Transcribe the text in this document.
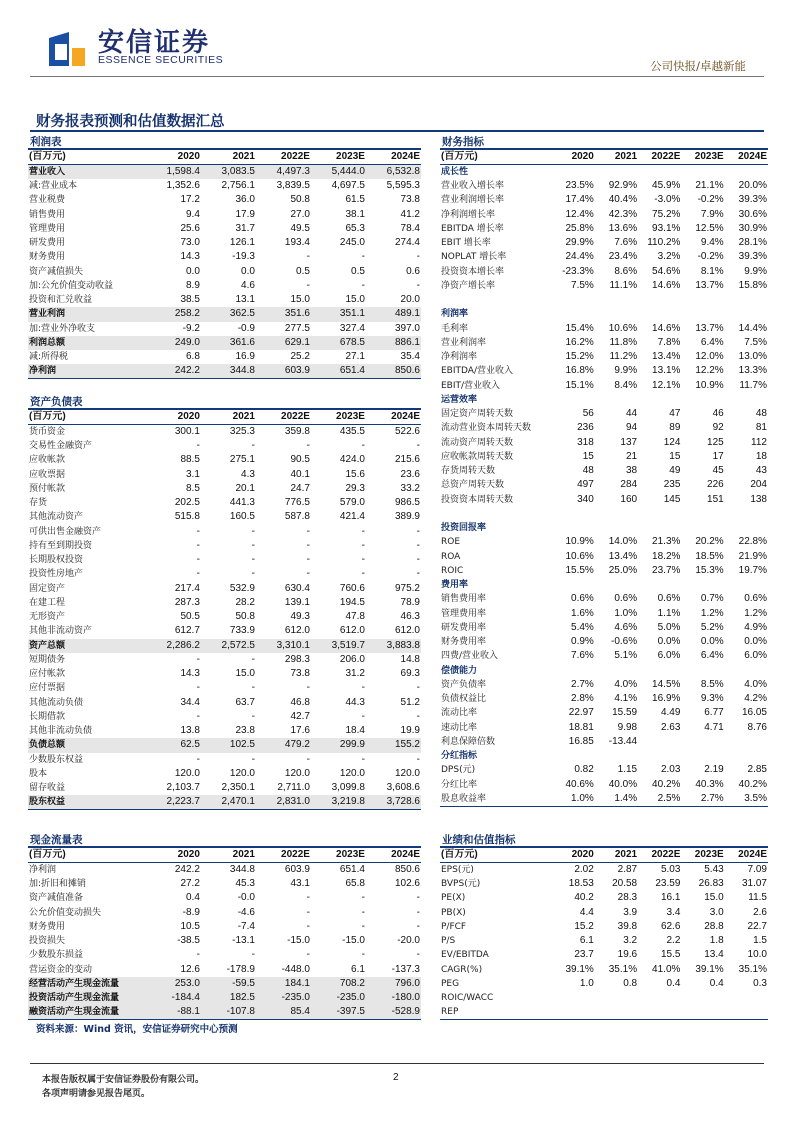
安信证券
ESSENCE SECURITIES	公司快报/卓越新能
财务报表预测和估值数据汇总
利润表
(百万元)	2020	2021	2022E	2023E	2024E
营业收入	1,598.4	3,083.5	4,497.3	5,444.0	6,532.8
减:营业成本	1,352.6	2,756.1	3,839.5	4,697.5	5,595.3
营业税费	17.2	36.0	50.8	61.5	73.8
销售费用	9.4	17.9	27.0	38.1	41.2
管理费用	25.6	31.7	49.5	65.3	78.4
研发费用	73.0	126.1	193.4	245.0	274.4
财务费用	14.3	-19.3	-	-	-
资产减值损失	0.0	0.0	0.5	0.5	0.6
加:公允价值变动收益	8.9	4.6	-	-	-
投资和汇兑收益	38.5	13.1	15.0	15.0	20.0
营业利润	258.2	362.5	351.6	351.1	489.1
加:营业外净收支	-9.2	-0.9	277.5	327.4	397.0
利润总额	249.0	361.6	629.1	678.5	886.1
减:所得税	6.8	16.9	25.2	27.1	35.4
净利润	242.2	344.8	603.9	651.4	850.6
资产负债表
(百万元)	2020	2021	2022E	2023E	2024E
货币资金	300.1	325.3	359.8	435.5	522.6
交易性金融资产	-	-	-	-	-
应收帐款	88.5	275.1	90.5	424.0	215.6
应收票据	3.1	4.3	40.1	15.6	23.6
预付帐款	8.5	20.1	24.7	29.3	33.2
存货	202.5	441.3	776.5	579.0	986.5
其他流动资产	515.8	160.5	587.8	421.4	389.9
可供出售金融资产	-	-	-	-	-
持有至到期投资	-	-	-	-	-
长期股权投资	-	-	-	-	-
投资性房地产	-	-	-	-	-
固定资产	217.4	532.9	630.4	760.6	975.2
在建工程	287.3	28.2	139.1	194.5	78.9
无形资产	50.5	50.8	49.3	47.8	46.3
其他非流动资产	612.7	733.9	612.0	612.0	612.0
资产总额	2,286.2	2,572.5	3,310.1	3,519.7	3,883.8
短期债务	-	-	298.3	206.0	14.8
应付帐款	14.3	15.0	73.8	31.2	69.3
应付票据	-	-	-	-	-
其他流动负债	34.4	63.7	46.8	44.3	51.2
长期借款	-	-	42.7	-	-
其他非流动负债	13.8	23.8	17.6	18.4	19.9
负债总额	62.5	102.5	479.2	299.9	155.2
少数股东权益	-	-	-	-	-
股本	120.0	120.0	120.0	120.0	120.0
留存收益	2,103.7	2,350.1	2,711.0	3,099.8	3,608.6
股东权益	2,223.7	2,470.1	2,831.0	3,219.8	3,728.6
财务指标
(百万元)	2020	2021	2022E	2023E	2024E
成长性					
营业收入增长率	23.5%	92.9%	45.9%	21.1%	20.0%
营业利润增长率	17.4%	40.4%	-3.0%	-0.2%	39.3%
净利润增长率	12.4%	42.3%	75.2%	7.9%	30.6%
EBITDA 增长率	25.8%	13.6%	93.1%	12.5%	30.9%
EBIT 增长率	29.9%	7.6%	110.2%	9.4%	28.1%
NOPLAT 增长率	24.4%	23.4%	3.2%	-0.2%	39.3%
投资资本增长率	-23.3%	8.6%	54.6%	8.1%	9.9%
净资产增长率	7.5%	11.1%	14.6%	13.7%	15.8%

利润率					
毛利率	15.4%	10.6%	14.6%	13.7%	14.4%
营业利润率	16.2%	11.8%	7.8%	6.4%	7.5%
净利润率	15.2%	11.2%	13.4%	12.0%	13.0%
EBITDA/营业收入	16.8%	9.9%	13.1%	12.2%	13.3%
EBIT/营业收入	15.1%	8.4%	12.1%	10.9%	11.7%
运营效率					
固定资产周转天数	56	44	47	46	48
流动营业资本周转天数	236	94	89	92	81
流动资产周转天数	318	137	124	125	112
应收帐款周转天数	15	21	15	17	18
存货周转天数	48	38	49	45	43
总资产周转天数	497	284	235	226	204
投资资本周转天数	340	160	145	151	138

投资回报率					
ROE	10.9%	14.0%	21.3%	20.2%	22.8%
ROA	10.6%	13.4%	18.2%	18.5%	21.9%
ROIC	15.5%	25.0%	23.7%	15.3%	19.7%
费用率					
销售费用率	0.6%	0.6%	0.6%	0.7%	0.6%
管理费用率	1.6%	1.0%	1.1%	1.2%	1.2%
研发费用率	5.4%	4.6%	5.0%	5.2%	4.9%
财务费用率	0.9%	-0.6%	0.0%	0.0%	0.0%
四费/营业收入	7.6%	5.1%	6.0%	6.4%	6.0%
偿债能力					
资产负债率	2.7%	4.0%	14.5%	8.5%	4.0%
负债权益比	2.8%	4.1%	16.9%	9.3%	4.2%
流动比率	22.97	15.59	4.49	6.77	16.05
速动比率	18.81	9.98	2.63	4.71	8.76
利息保障倍数	16.85	-13.44			
分红指标					
DPS(元)	0.82	1.15	2.03	2.19	2.85
分红比率	40.6%	40.0%	40.2%	40.3%	40.2%
股息收益率	1.0%	1.4%	2.5%	2.7%	3.5%
现金流量表
(百万元)	2020	2021	2022E	2023E	2024E
净利润	242.2	344.8	603.9	651.4	850.6
加:折旧和摊销	27.2	45.3	43.1	65.8	102.6
资产减值准备	0.4	-0.0	-	-	-
公允价值变动损失	-8.9	-4.6	-	-	-
财务费用	10.5	-7.4	-	-	-
投资损失	-38.5	-13.1	-15.0	-15.0	-20.0
少数股东损益	-	-	-	-	-
营运资金的变动	12.6	-178.9	-448.0	6.1	-137.3
经营活动产生现金流量	253.0	-59.5	184.1	708.2	796.0
投资活动产生现金流量	-184.4	182.5	-235.0	-235.0	-180.0
融资活动产生现金流量	-88.1	-107.8	85.4	-397.5	-528.9
业绩和估值指标
(百万元)	2020	2021	2022E	2023E	2024E
EPS(元)	2.02	2.87	5.03	5.43	7.09
BVPS(元)	18.53	20.58	23.59	26.83	31.07
PE(X)	40.2	28.3	16.1	15.0	11.5
PB(X)	4.4	3.9	3.4	3.0	2.6
P/FCF	15.2	39.8	62.6	28.8	22.7
P/S	6.1	3.2	2.2	1.8	1.5
EV/EBITDA	23.7	19.6	15.5	13.4	10.0
CAGR(%)	39.1%	35.1%	41.0%	39.1%	35.1%
PEG	1.0	0.8	0.4	0.4	0.3
ROIC/WACC					
REP					
资料来源：Wind 资讯，安信证券研究中心预测
本报告版权属于安信证券股份有限公司。
各项声明请参见报告尾页。
2
